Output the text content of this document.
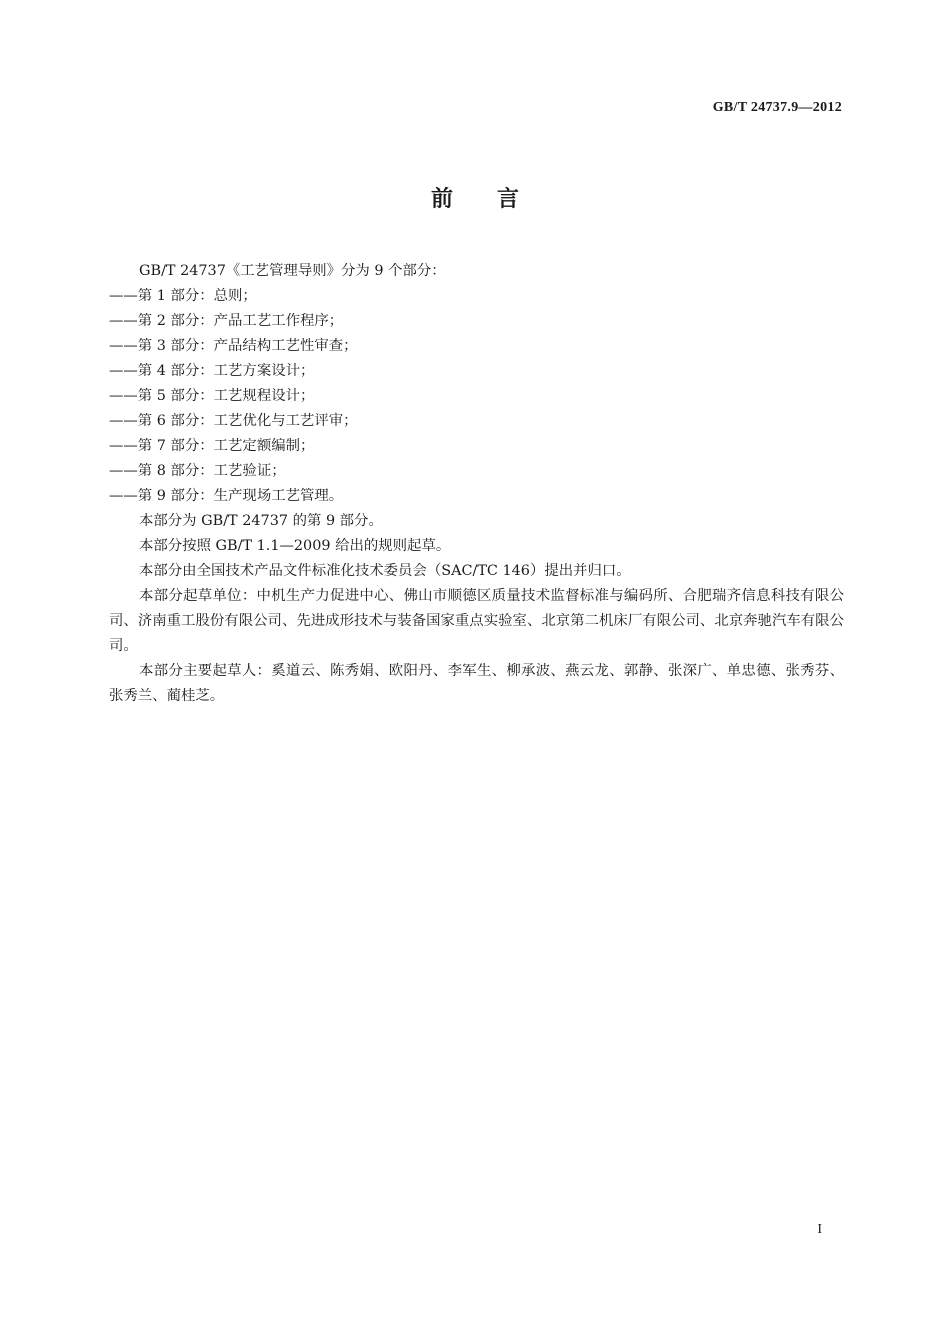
GB/T 24737.9—2012
前言

GB/T 24737《工艺管理导则》分为 9 个部分：

——第 1 部分：总则；

——第 2 部分：产品工艺工作程序；

——第 3 部分：产品结构工艺性审查；

——第 4 部分：工艺方案设计；

——第 5 部分：工艺规程设计；

——第 6 部分：工艺优化与工艺评审；

——第 7 部分：工艺定额编制；

——第 8 部分：工艺验证；

——第 9 部分：生产现场工艺管理。

本部分为 GB/T 24737 的第 9 部分。

本部分按照 GB/T 1.1—2009 给出的规则起草。

本部分由全国技术产品文件标准化技术委员会（SAC/TC 146）提出并归口。

本部分起草单位：中机生产力促进中心、佛山市顺德区质量技术监督标准与编码所、合肥瑞齐信息科技有限公司、济南重工股份有限公司、先进成形技术与装备国家重点实验室、北京第二机床厂有限公司、北京奔驰汽车有限公司。

本部分主要起草人：奚道云、陈秀娟、欧阳丹、李军生、柳承波、燕云龙、郭静、张深广、单忠德、张秀芬、张秀兰、蔺桂芝。

I
